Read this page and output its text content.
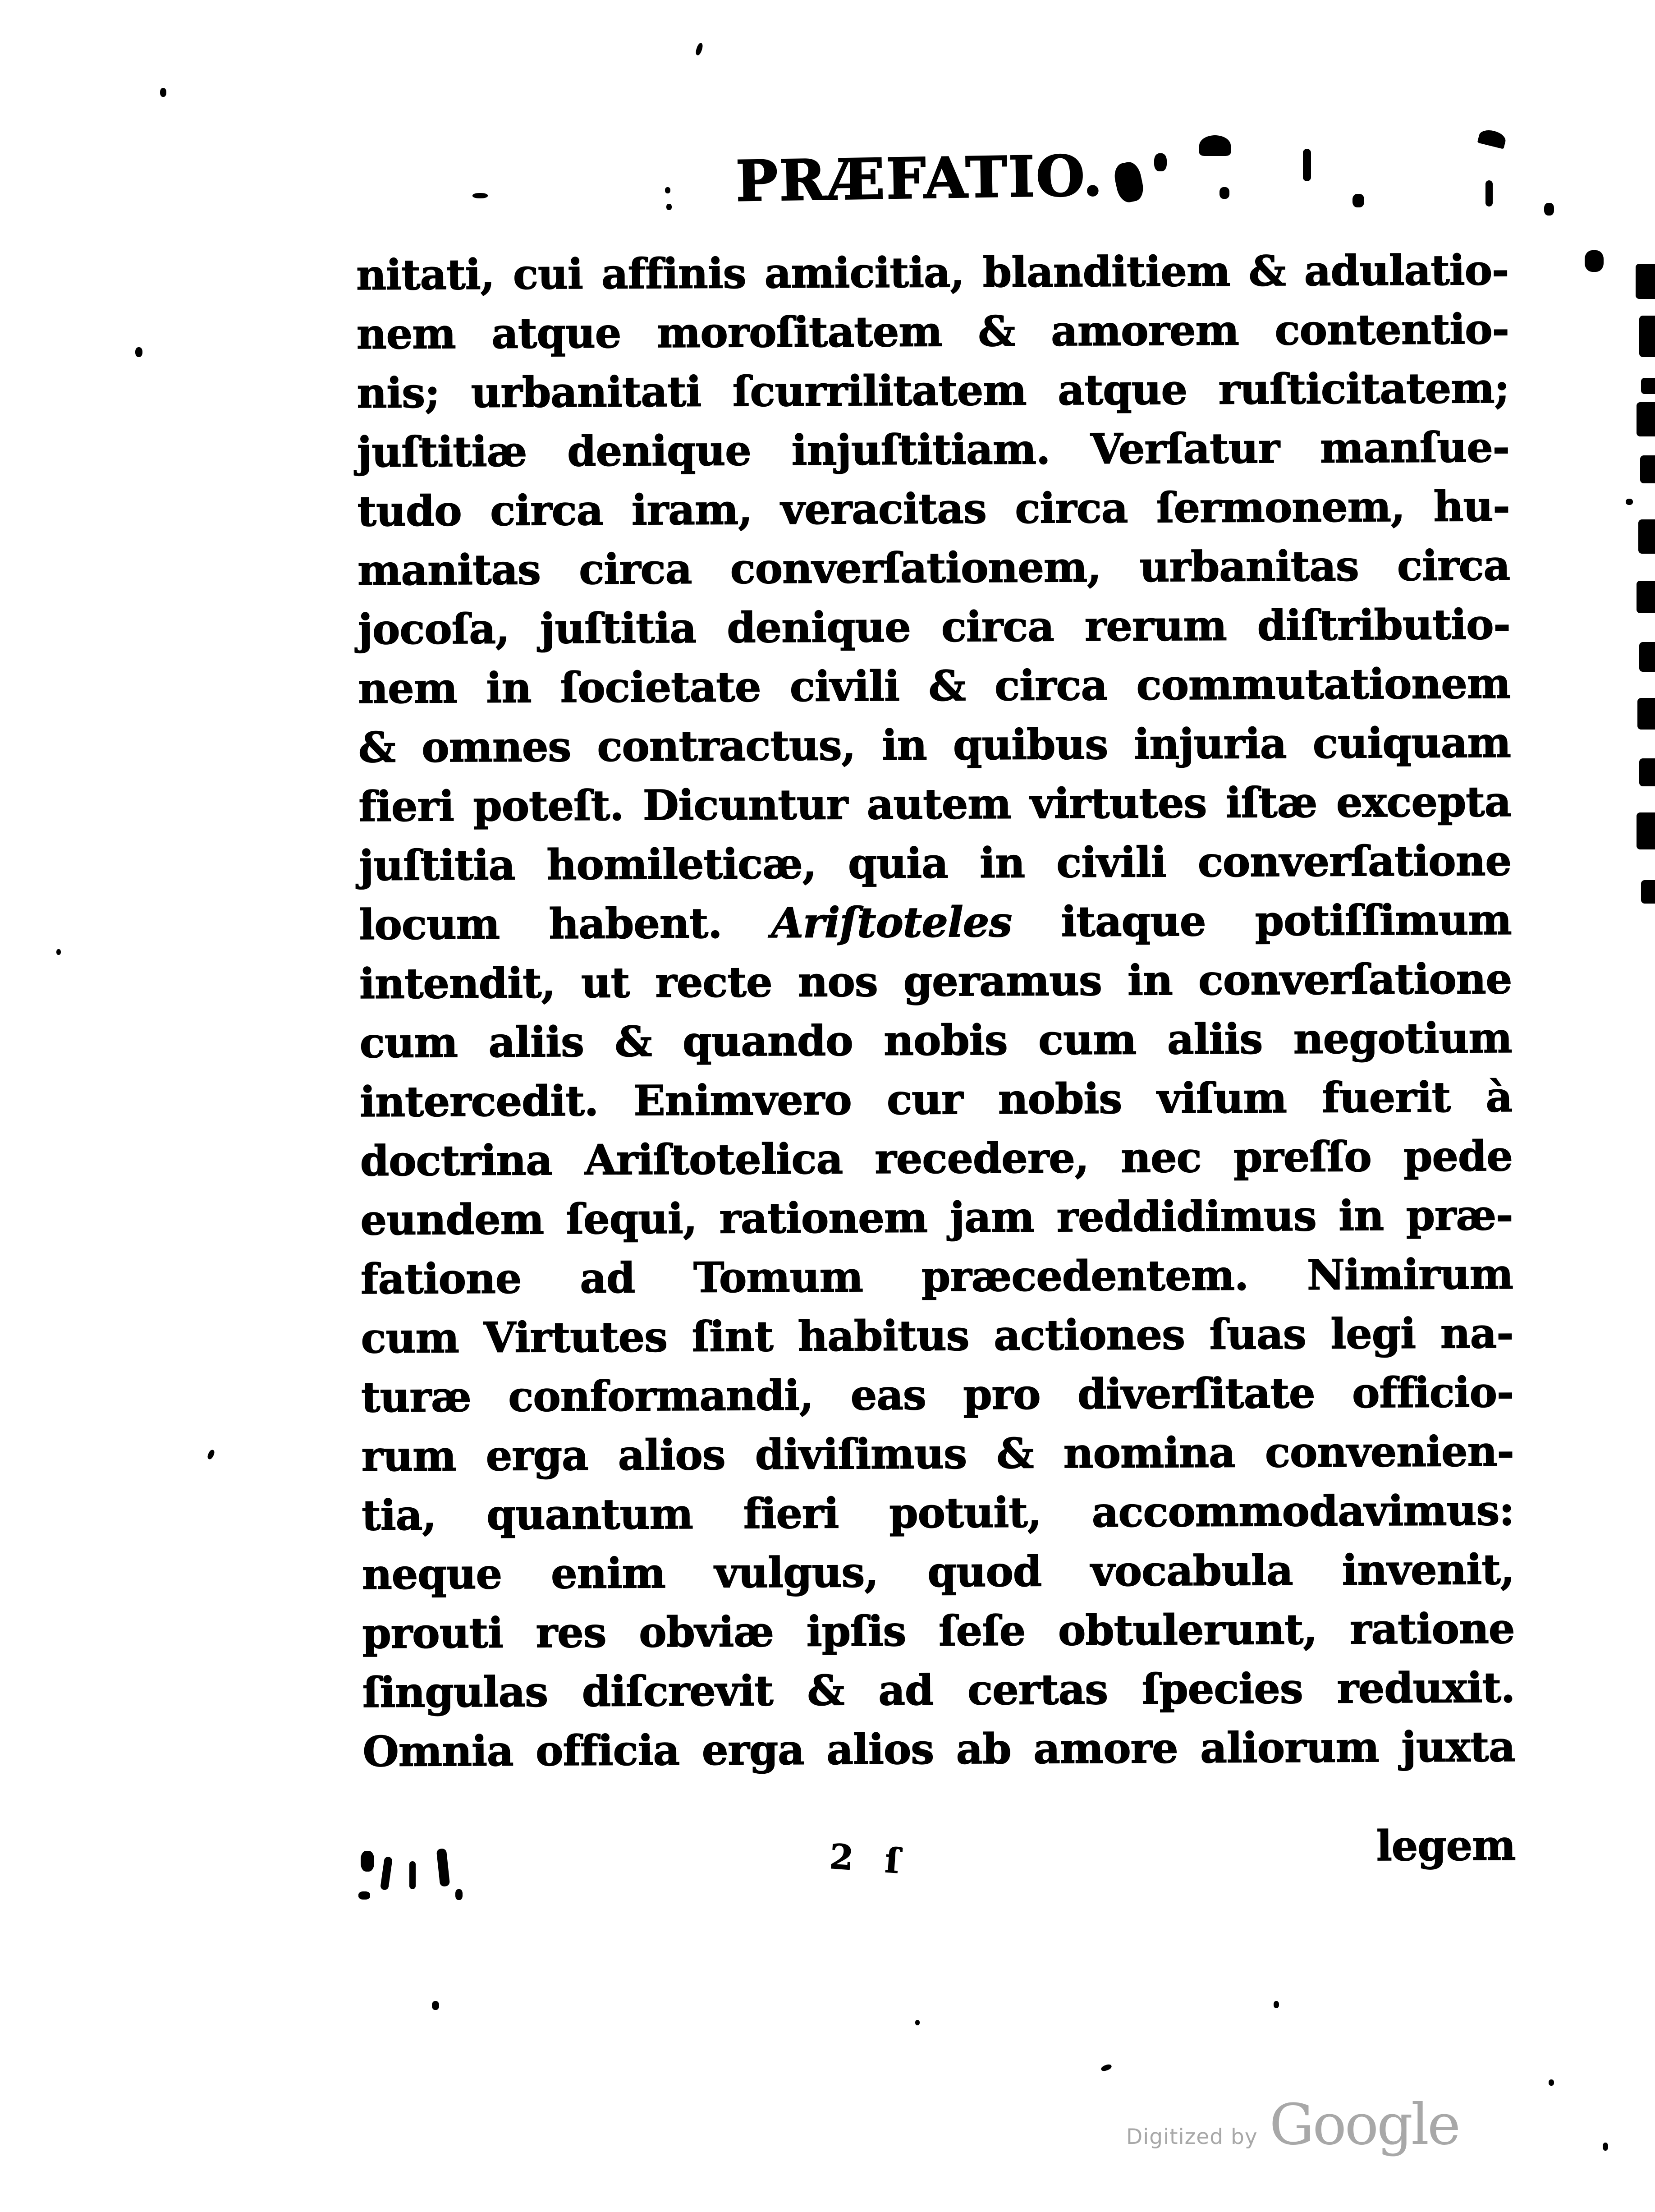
PRÆFATIO.
nitati, cui affinis amicitia, blanditiem & adulatio-
nem atque moroſitatem & amorem contentio-
nis; urbanitati ſcurrilitatem atque ruſticitatem;
juſtitiæ denique injuſtitiam. Verſatur manſue-
tudo circa iram, veracitas circa ſermonem, hu-
manitas circa converſationem, urbanitas circa
jocoſa, juſtitia denique circa rerum diſtributio-
nem in ſocietate civili & circa commutationem
& omnes contractus, in quibus injuria cuiquam
fieri poteſt. Dicuntur autem virtutes iſtæ excepta
juſtitia homileticæ, quia in civili converſatione
locum habent. Ariſtoteles itaque potiſſimum
intendit, ut recte nos geramus in converſatione
cum aliis & quando nobis cum aliis negotium
intercedit. Enimvero cur nobis viſum fuerit à
doctrina Ariſtotelica recedere, nec preſſo pede
eundem ſequi, rationem jam reddidimus in præ-
fatione ad Tomum præcedentem. Nimirum
cum Virtutes ſint habitus actiones ſuas legi na-
turæ conformandi, eas pro diverſitate officio-
rum erga alios diviſimus & nomina convenien-
tia, quantum fieri potuit, accommodavimus:
neque enim vulgus, quod vocabula invenit,
prouti res obviæ ipſis ſeſe obtulerunt, ratione
ſingulas diſcrevit & ad certas ſpecies reduxit.
Omnia officia erga alios ab amore aliorum juxta
legem
2 ſ
Digitized by Google
